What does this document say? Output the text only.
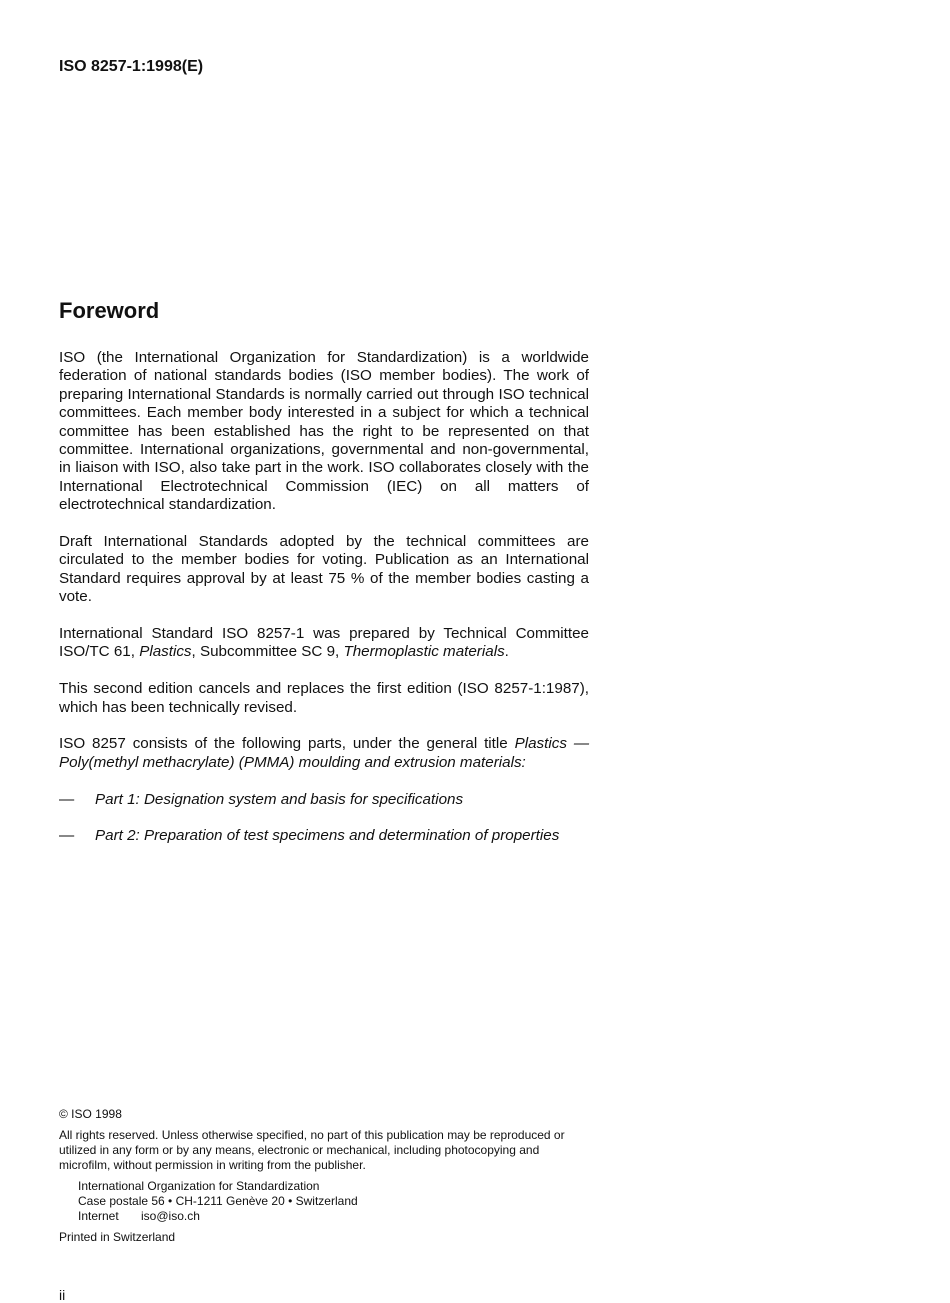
ISO 8257-1:1998(E)
Foreword

ISO (the International Organization for Standardization) is a worldwide federation of national standards bodies (ISO member bodies). The work of preparing International Standards is normally carried out through ISO technical committees. Each member body interested in a subject for which a technical committee has been established has the right to be represented on that committee. International organizations, governmental and non-governmental, in liaison with ISO, also take part in the work. ISO collaborates closely with the International Electrotechnical Commission (IEC) on all matters of electrotechnical standardization.

Draft International Standards adopted by the technical committees are circulated to the member bodies for voting. Publication as an International Standard requires approval by at least 75 % of the member bodies casting a vote.

International Standard ISO 8257-1 was prepared by Technical Committee ISO/TC 61, Plastics, Subcommittee SC 9, Thermoplastic materials.

This second edition cancels and replaces the first edition (ISO 8257-1:1987), which has been technically revised.

ISO 8257 consists of the following parts, under the general title Plastics — Poly(methyl methacrylate) (PMMA) moulding and extrusion materials:

—	Part 1: Designation system and basis for specifications
—	Part 2: Preparation of test specimens and determination of properties
© ISO 1998
All rights reserved. Unless otherwise specified, no part of this publication may be reproduced or utilized in any form or by any means, electronic or mechanical, including photocopying and microfilm, without permission in writing from the publisher.
International Organization for Standardization
Case postale 56 • CH-1211 Genève 20 • Switzerland
Internet iso@iso.ch
Printed in Switzerland
ii
